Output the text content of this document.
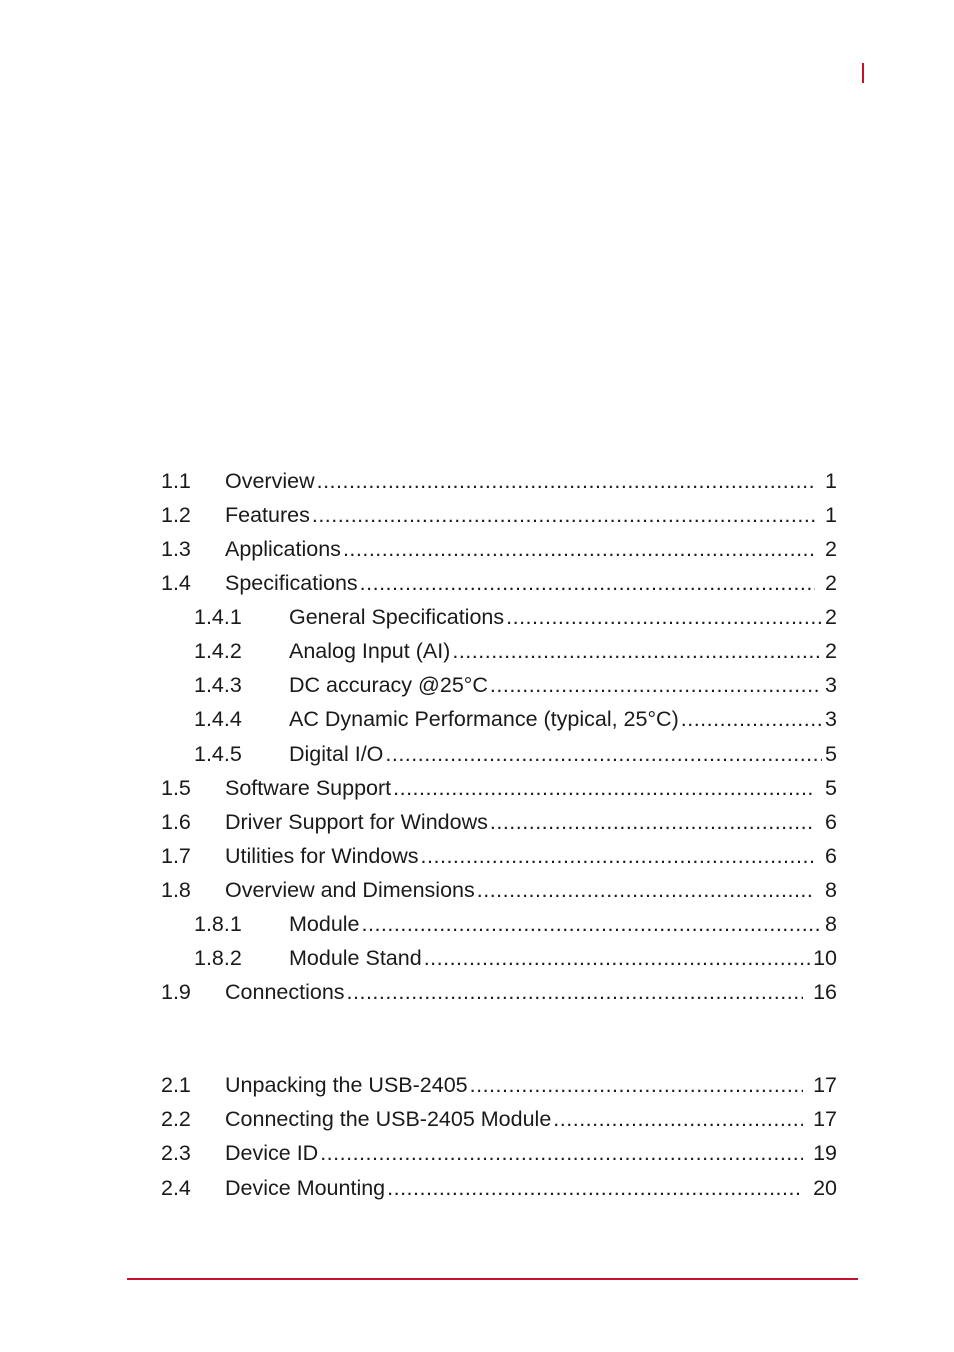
1.1	Overview .....	1
1.2	Features .....	1
1.3	Applications .....	2
1.4	Specifications .....	2
1.4.1	General Specifications .....	2
1.4.2	Analog Input (AI) .....	2
1.4.3	DC accuracy @25°C .....	3
1.4.4	AC Dynamic Performance (typical, 25°C) .....	3
1.4.5	Digital I/O .....	5
1.5	Software Support .....	5
1.6	Driver Support for Windows .....	6
1.7	Utilities for Windows .....	6
1.8	Overview and Dimensions .....	8
1.8.1	Module .....	8
1.8.2	Module Stand .....	10
1.9	Connections .....	16
2.1	Unpacking the USB-2405 .....	17
2.2	Connecting the USB-2405 Module .....	17
2.3	Device ID .....	19
2.4	Device Mounting .....	20
